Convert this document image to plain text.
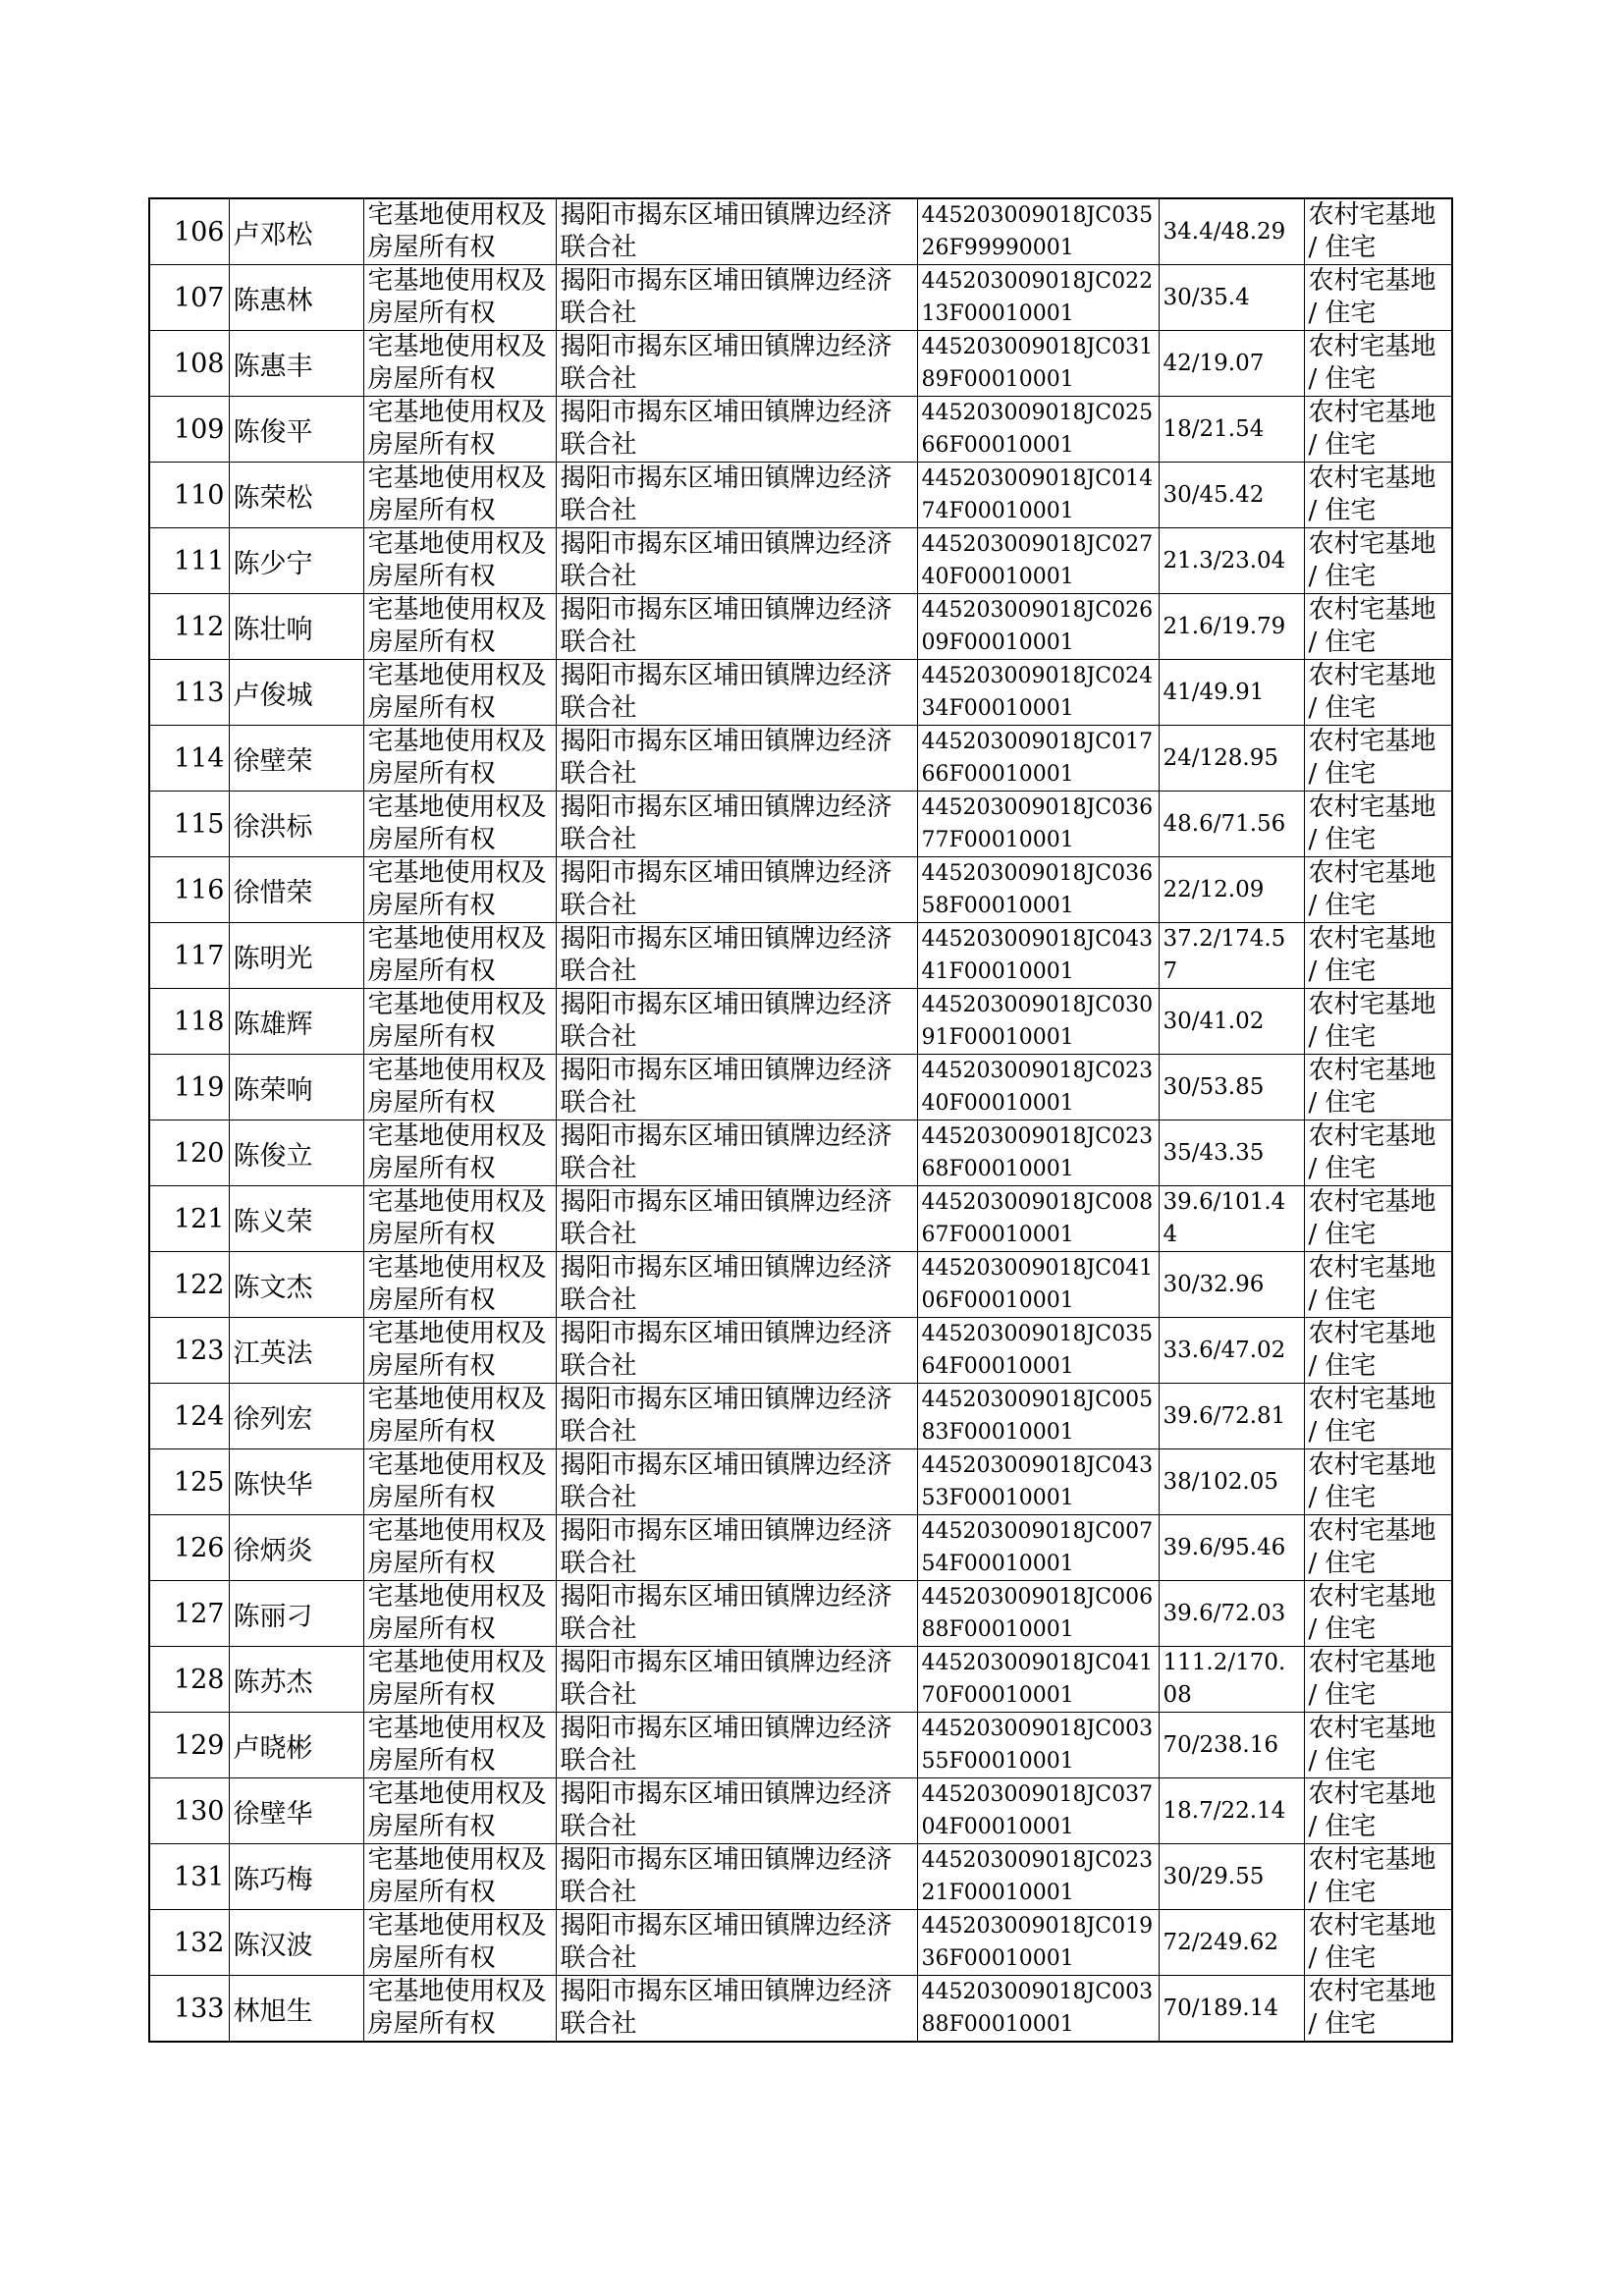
106	卢邓松	宅基地使用权及房屋所有权	揭阳市揭东区埔田镇牌边经济联合社	445203009018JC03526F99990001	34.4/48.29	农村宅基地 / 住宅
107	陈惠林	宅基地使用权及房屋所有权	揭阳市揭东区埔田镇牌边经济联合社	445203009018JC02213F00010001	30/35.4	农村宅基地 / 住宅
108	陈惠丰	宅基地使用权及房屋所有权	揭阳市揭东区埔田镇牌边经济联合社	445203009018JC03189F00010001	42/19.07	农村宅基地 / 住宅
109	陈俊平	宅基地使用权及房屋所有权	揭阳市揭东区埔田镇牌边经济联合社	445203009018JC02566F00010001	18/21.54	农村宅基地 / 住宅
110	陈荣松	宅基地使用权及房屋所有权	揭阳市揭东区埔田镇牌边经济联合社	445203009018JC01474F00010001	30/45.42	农村宅基地 / 住宅
111	陈少宁	宅基地使用权及房屋所有权	揭阳市揭东区埔田镇牌边经济联合社	445203009018JC02740F00010001	21.3/23.04	农村宅基地 / 住宅
112	陈壮响	宅基地使用权及房屋所有权	揭阳市揭东区埔田镇牌边经济联合社	445203009018JC02609F00010001	21.6/19.79	农村宅基地 / 住宅
113	卢俊城	宅基地使用权及房屋所有权	揭阳市揭东区埔田镇牌边经济联合社	445203009018JC02434F00010001	41/49.91	农村宅基地 / 住宅
114	徐壁荣	宅基地使用权及房屋所有权	揭阳市揭东区埔田镇牌边经济联合社	445203009018JC01766F00010001	24/128.95	农村宅基地 / 住宅
115	徐洪标	宅基地使用权及房屋所有权	揭阳市揭东区埔田镇牌边经济联合社	445203009018JC03677F00010001	48.6/71.56	农村宅基地 / 住宅
116	徐惜荣	宅基地使用权及房屋所有权	揭阳市揭东区埔田镇牌边经济联合社	445203009018JC03658F00010001	22/12.09	农村宅基地 / 住宅
117	陈明光	宅基地使用权及房屋所有权	揭阳市揭东区埔田镇牌边经济联合社	445203009018JC04341F00010001	37.2/174.57	农村宅基地 / 住宅
118	陈雄辉	宅基地使用权及房屋所有权	揭阳市揭东区埔田镇牌边经济联合社	445203009018JC03091F00010001	30/41.02	农村宅基地 / 住宅
119	陈荣响	宅基地使用权及房屋所有权	揭阳市揭东区埔田镇牌边经济联合社	445203009018JC02340F00010001	30/53.85	农村宅基地 / 住宅
120	陈俊立	宅基地使用权及房屋所有权	揭阳市揭东区埔田镇牌边经济联合社	445203009018JC02368F00010001	35/43.35	农村宅基地 / 住宅
121	陈义荣	宅基地使用权及房屋所有权	揭阳市揭东区埔田镇牌边经济联合社	445203009018JC00867F00010001	39.6/101.44	农村宅基地 / 住宅
122	陈文杰	宅基地使用权及房屋所有权	揭阳市揭东区埔田镇牌边经济联合社	445203009018JC04106F00010001	30/32.96	农村宅基地 / 住宅
123	江英法	宅基地使用权及房屋所有权	揭阳市揭东区埔田镇牌边经济联合社	445203009018JC03564F00010001	33.6/47.02	农村宅基地 / 住宅
124	徐列宏	宅基地使用权及房屋所有权	揭阳市揭东区埔田镇牌边经济联合社	445203009018JC00583F00010001	39.6/72.81	农村宅基地 / 住宅
125	陈快华	宅基地使用权及房屋所有权	揭阳市揭东区埔田镇牌边经济联合社	445203009018JC04353F00010001	38/102.05	农村宅基地 / 住宅
126	徐炳炎	宅基地使用权及房屋所有权	揭阳市揭东区埔田镇牌边经济联合社	445203009018JC00754F00010001	39.6/95.46	农村宅基地 / 住宅
127	陈丽刁	宅基地使用权及房屋所有权	揭阳市揭东区埔田镇牌边经济联合社	445203009018JC00688F00010001	39.6/72.03	农村宅基地 / 住宅
128	陈苏杰	宅基地使用权及房屋所有权	揭阳市揭东区埔田镇牌边经济联合社	445203009018JC04170F00010001	111.2/170.08	农村宅基地 / 住宅
129	卢晓彬	宅基地使用权及房屋所有权	揭阳市揭东区埔田镇牌边经济联合社	445203009018JC00355F00010001	70/238.16	农村宅基地 / 住宅
130	徐壁华	宅基地使用权及房屋所有权	揭阳市揭东区埔田镇牌边经济联合社	445203009018JC03704F00010001	18.7/22.14	农村宅基地 / 住宅
131	陈巧梅	宅基地使用权及房屋所有权	揭阳市揭东区埔田镇牌边经济联合社	445203009018JC02321F00010001	30/29.55	农村宅基地 / 住宅
132	陈汉波	宅基地使用权及房屋所有权	揭阳市揭东区埔田镇牌边经济联合社	445203009018JC01936F00010001	72/249.62	农村宅基地 / 住宅
133	林旭生	宅基地使用权及房屋所有权	揭阳市揭东区埔田镇牌边经济联合社	445203009018JC00388F00010001	70/189.14	农村宅基地 / 住宅
